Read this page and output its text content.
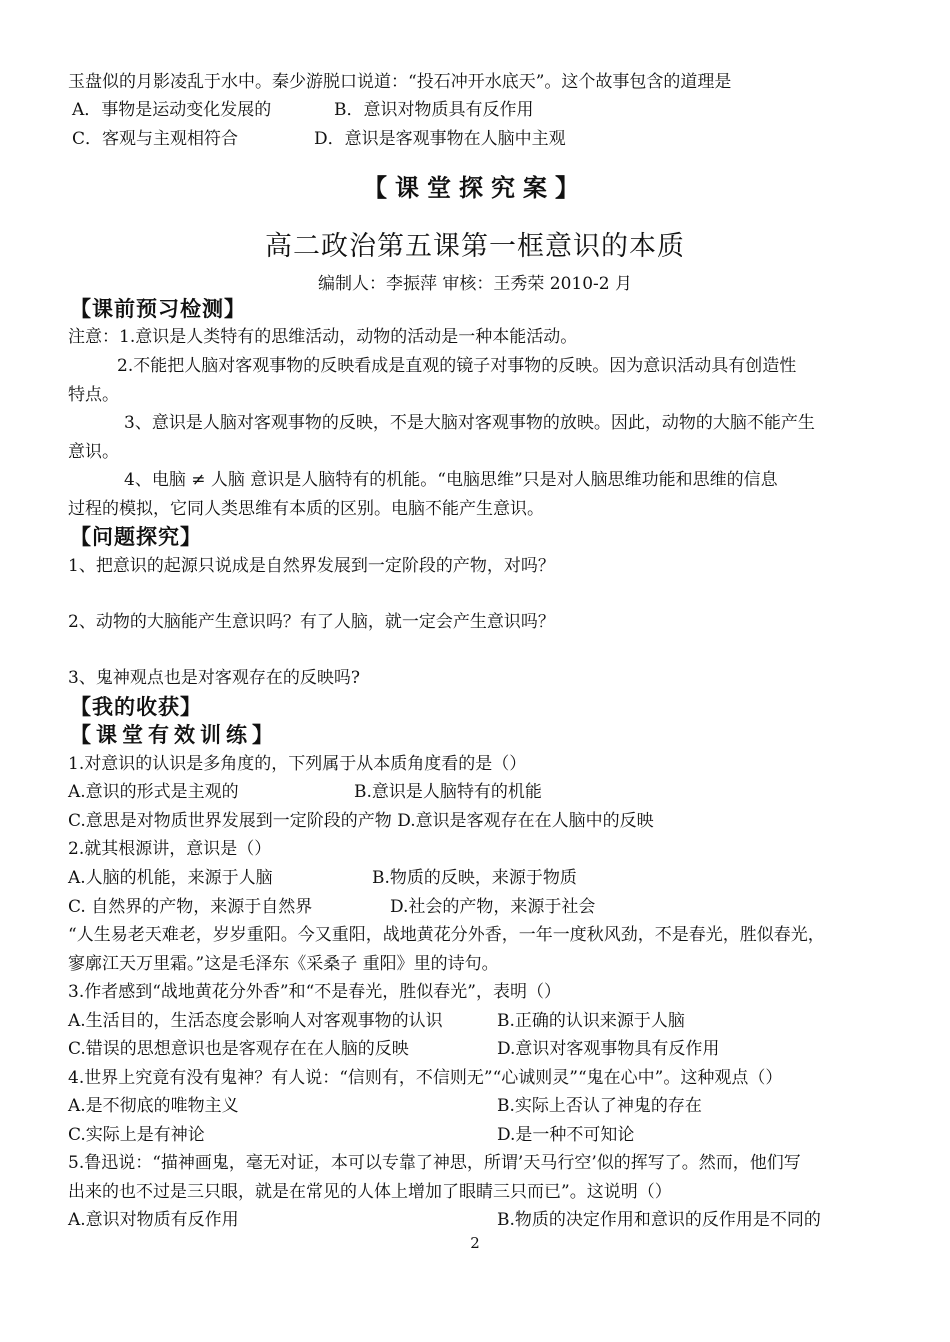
玉盘似的月影凌乱于水中。秦少游脱口说道：“投石冲开水底天”。这个故事包含的道理是
A．事物是运动变化发展的	B．意识对物质具有反作用
C．客观与主观相符合	D．意识是客观事物在人脑中主观
【课堂探究案】
高二政治第五课第一框意识的本质
编制人：李振萍 审核：王秀荣 2010-2 月
【课前预习检测】
注意：1.意识是人类特有的思维活动，动物的活动是一种本能活动。
2.不能把人脑对客观事物的反映看成是直观的镜子对事物的反映。因为意识活动具有创造性
特点。
3、意识是人脑对客观事物的反映，不是大脑对客观事物的放映。因此，动物的大脑不能产生
意识。
4、电脑 ≠ 人脑 意识是人脑特有的机能。“电脑思维”只是对人脑思维功能和思维的信息
过程的模拟，它同人类思维有本质的区别。电脑不能产生意识。
【问题探究】
1、把意识的起源只说成是自然界发展到一定阶段的产物，对吗？
2、动物的大脑能产生意识吗？有了人脑，就一定会产生意识吗？
3、鬼神观点也是对客观存在的反映吗?
【我的收获】
【课堂有效训练】
1.对意识的认识是多角度的，下列属于从本质角度看的是（）
A.意识的形式是主观的	B.意识是人脑特有的机能
C.意思是对物质世界发展到一定阶段的产物 D.意识是客观存在在人脑中的反映
2.就其根源讲，意识是（）
A.人脑的机能，来源于人脑	B.物质的反映，来源于物质
C. 自然界的产物，来源于自然界	D.社会的产物，来源于社会
“人生易老天难老，岁岁重阳。今又重阳，战地黄花分外香，一年一度秋风劲，不是春光，胜似春光，
寥廓江天万里霜。”这是毛泽东《采桑子 重阳》里的诗句。
3.作者感到“战地黄花分外香”和“不是春光，胜似春光”，表明（）
A.生活目的，生活态度会影响人对客观事物的认识	B.正确的认识来源于人脑
C.错误的思想意识也是客观存在在人脑的反映	D.意识对客观事物具有反作用
4.世界上究竟有没有鬼神？有人说：“信则有，不信则无”“心诚则灵”“鬼在心中”。这种观点（）
A.是不彻底的唯物主义	B.实际上否认了神鬼的存在
C.实际上是有神论	D.是一种不可知论
5.鲁迅说：“描神画鬼，毫无对证，本可以专靠了神思，所谓’天马行空’似的挥写了。然而，他们写
出来的也不过是三只眼，就是在常见的人体上增加了眼睛三只而已”。这说明（）
A.意识对物质有反作用	B.物质的决定作用和意识的反作用是不同的
2
